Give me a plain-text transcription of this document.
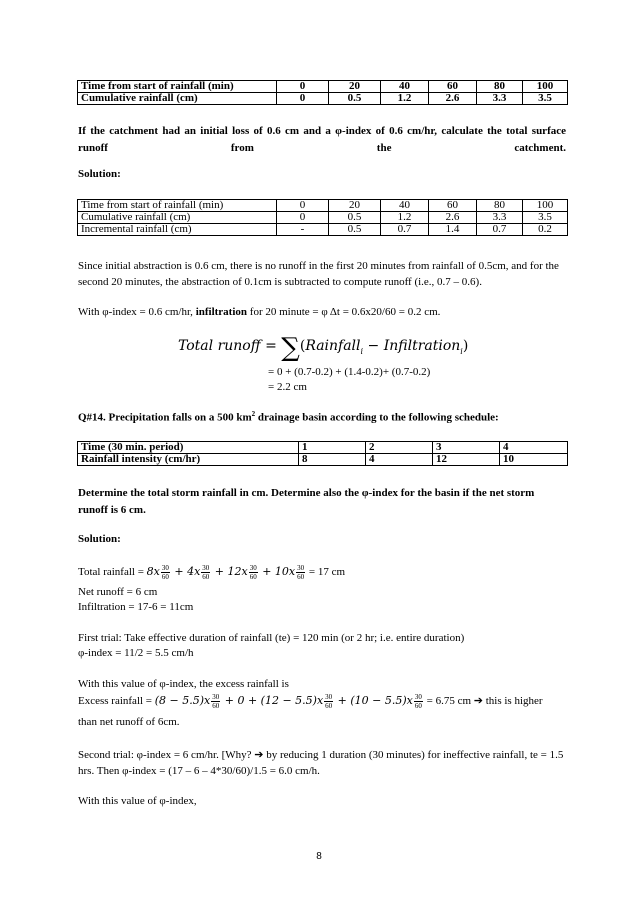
Time from start of rainfall (min)	0	20	40	60	80	100
Cumulative rainfall (cm)	0	0.5	1.2	2.6	3.3	3.5
If the catchment had an initial loss of 0.6 cm and a φ-index of 0.6 cm/hr, calculate the total surface runoff from the catchment.
Solution:
Time from start of rainfall (min)	0	20	40	60	80	100
Cumulative rainfall (cm)	0	0.5	1.2	2.6	3.3	3.5
Incremental rainfall (cm)	-	0.5	0.7	1.4	0.7	0.2
Since initial abstraction is 0.6 cm, there is no runoff in the first 20 minutes from rainfall of 0.5cm, and for the second 20 minutes, the abstraction of 0.1cm is subtracted to compute runoff (i.e., 0.7 – 0.6).
With φ-index = 0.6 cm/hr, infiltration for 20 minute = φ Δt = 0.6x20/60 = 0.2 cm.
Total runoff = ∑(Rainfall$_i$ − Infiltration$_i$)
= 0 + (0.7-0.2) + (1.4-0.2)+ (0.7-0.2)
= 2.2 cm
Q#14. Precipitation falls on a 500 $km^2$ drainage basin according to the following schedule:
Time (30 min. period)	1	2	3	4
Rainfall intensity (cm/hr)	8	4	12	10
Determine the total storm rainfall in cm. Determine also the φ-index for the basin if the net storm runoff is 6 cm.
Solution:
Total rainfall = $8x \frac{30}{60} + 4x \frac{30}{60} + 12x \frac{30}{60} + 10x \frac{30}{60} = 17$ cm
Net runoff = 6 cm
Infiltration = 17-6 = 11cm
First trial: Take effective duration of rainfall (te) = 120 min (or 2 hr; i.e. entire duration)
φ-index = 11/2 = 5.5 cm/h
With this value of φ-index, the excess rainfall is
Excess rainfall = $(8 - 5.5)x \frac{30}{60} + 0 + (12 - 5.5)x \frac{30}{60} + (10 - 5.5)x \frac{30}{60} = 6.75$ cm ➔ this is higher
than net runoff of 6cm.
Second trial: φ-index = 6 cm/hr. [Why? ➔ by reducing 1 duration (30 minutes) for ineffective rainfall, te = 1.5 hrs. Then φ-index = (17 – 6 – 4*30/60)/1.5 = 6.0 cm/h.
With this value of φ-index,
8
